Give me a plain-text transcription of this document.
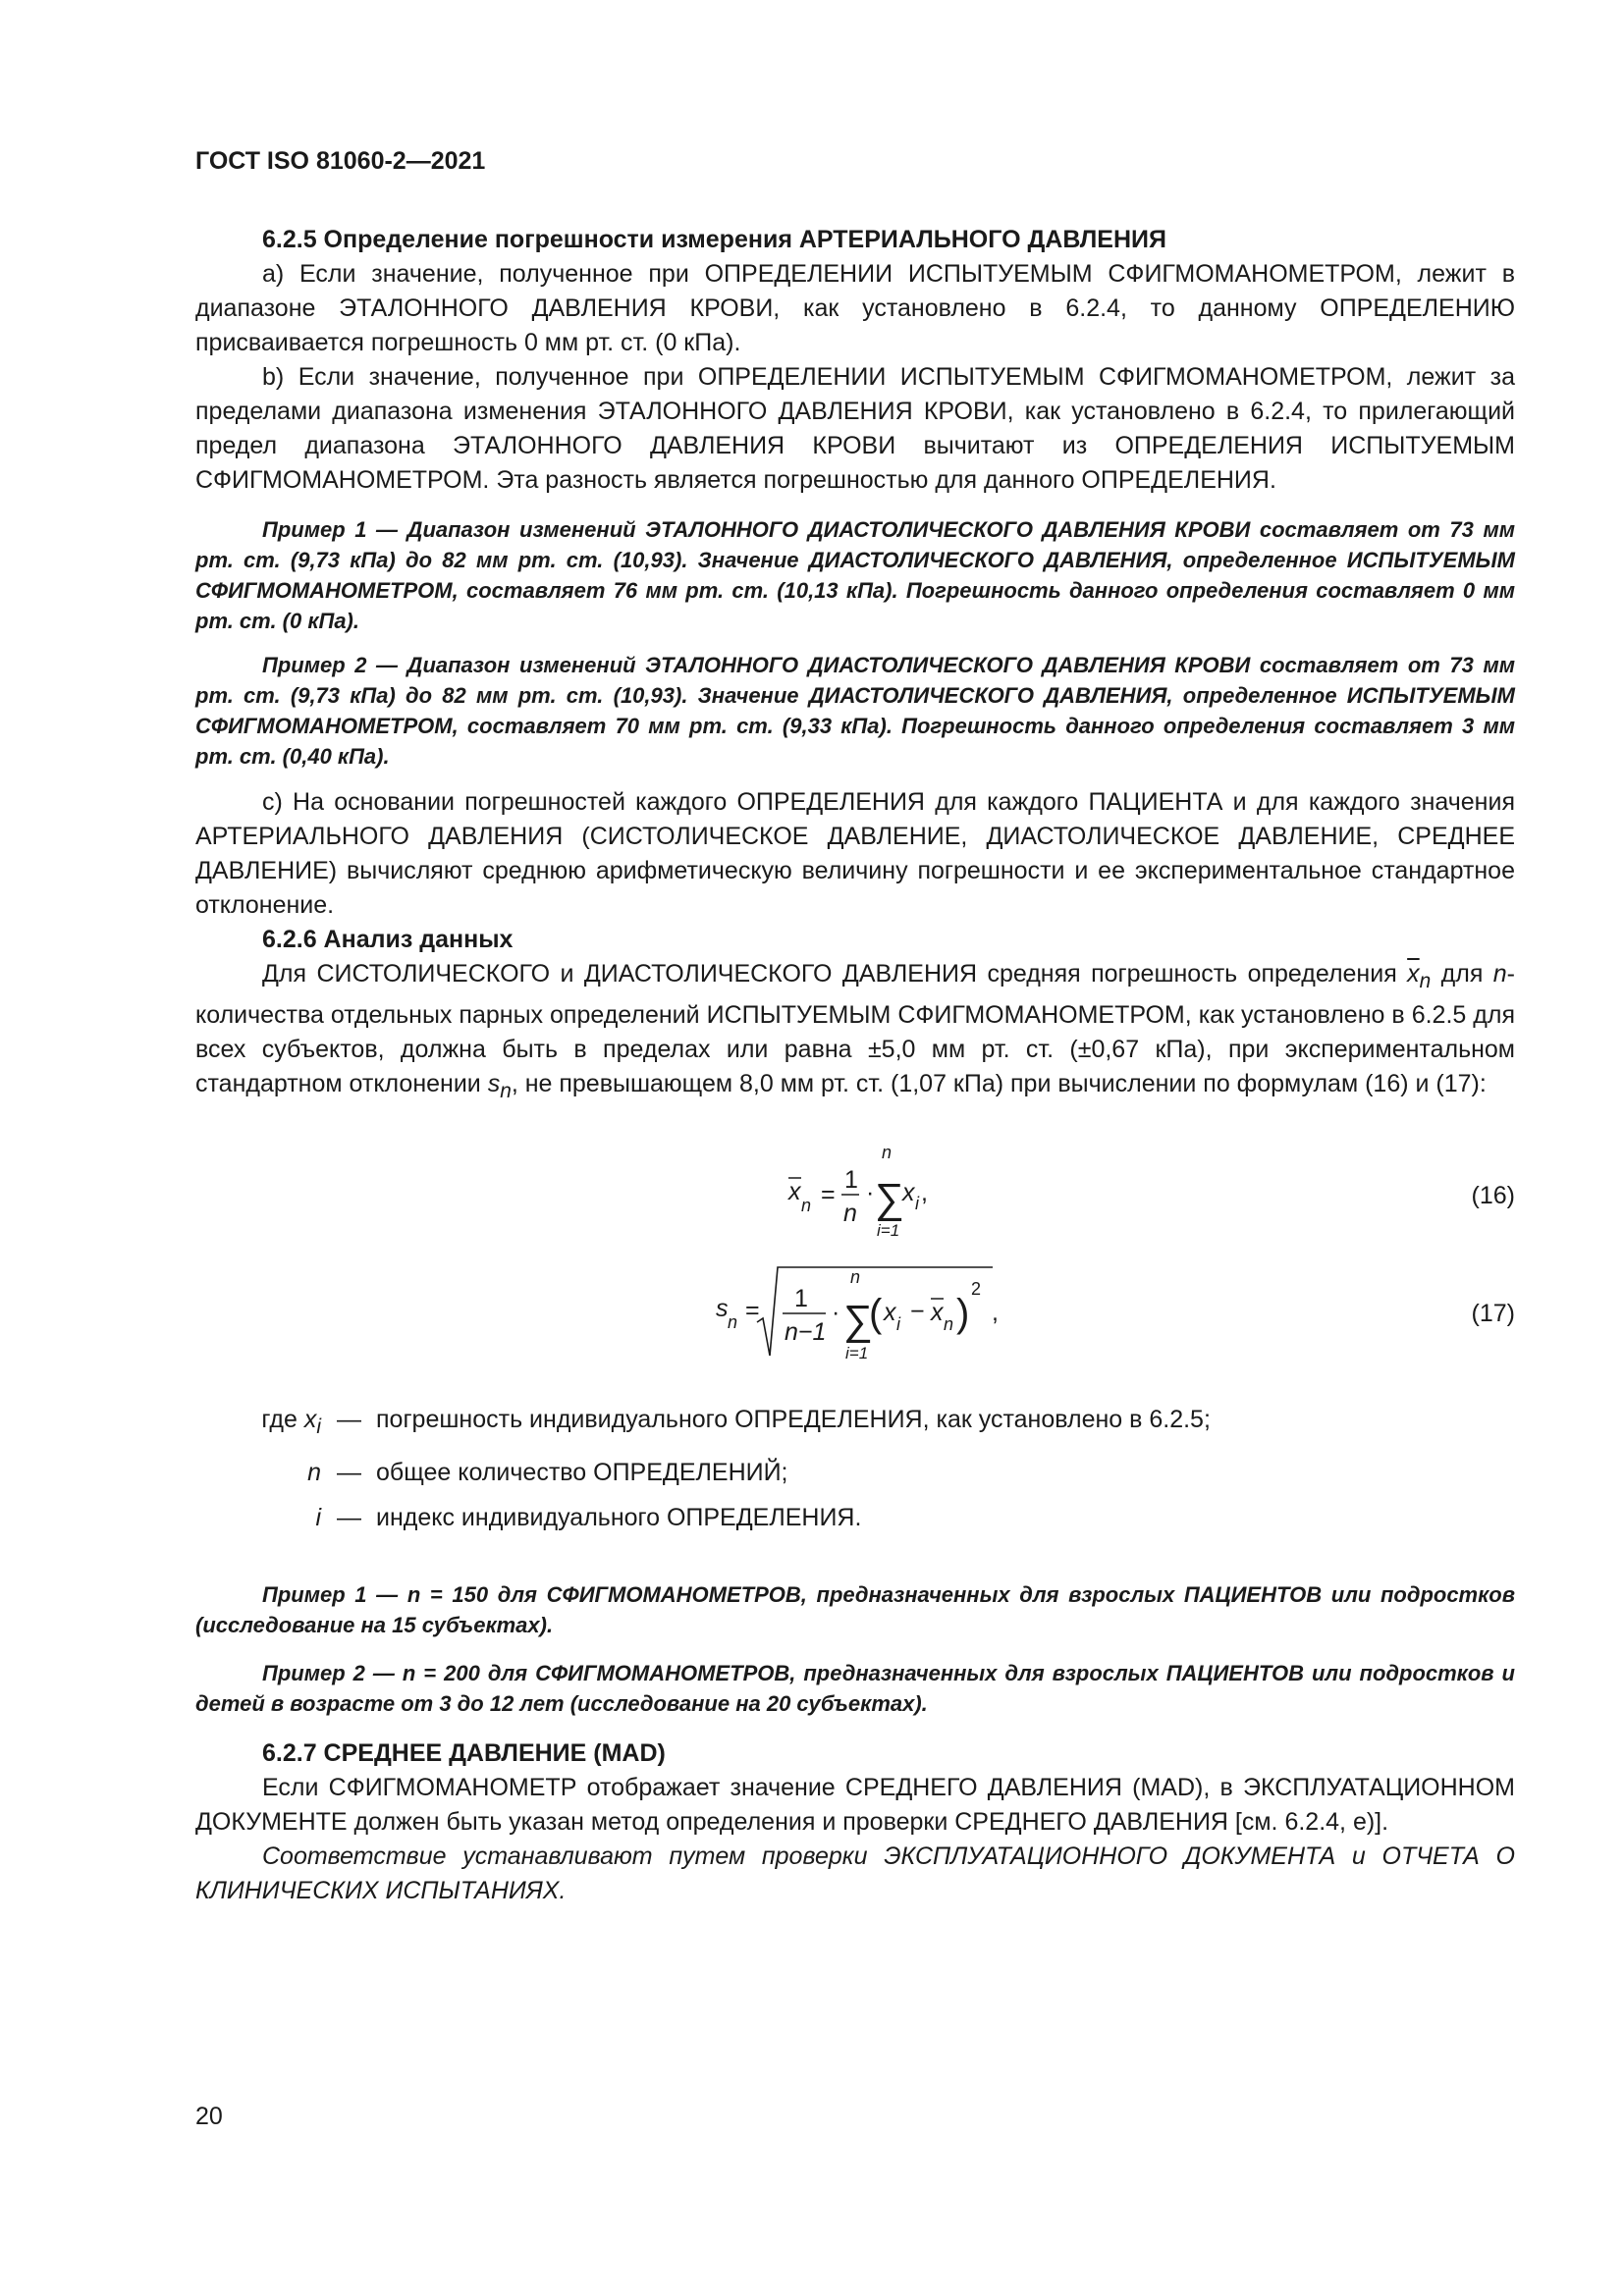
ГОСТ ISO 81060-2—2021
6.2.5 Определение погрешности измерения АРТЕРИАЛЬНОГО ДАВЛЕНИЯ

а) Если значение, полученное при ОПРЕДЕЛЕНИИ ИСПЫТУЕМЫМ СФИГМОМАНОМЕТРОМ, лежит в диапазоне ЭТАЛОННОГО ДАВЛЕНИЯ КРОВИ, как установлено в 6.2.4, то данному ОПРЕДЕЛЕНИЮ присваивается погрешность 0 мм рт. ст. (0 кПа).

b) Если значение, полученное при ОПРЕДЕЛЕНИИ ИСПЫТУЕМЫМ СФИГМОМАНОМЕТРОМ, лежит за пределами диапазона изменения ЭТАЛОННОГО ДАВЛЕНИЯ КРОВИ, как установлено в 6.2.4, то прилегающий предел диапазона ЭТАЛОННОГО ДАВЛЕНИЯ КРОВИ вычитают из ОПРЕДЕЛЕНИЯ ИСПЫТУЕМЫМ СФИГМОМАНОМЕТРОМ. Эта разность является погрешностью для данного ОПРЕДЕЛЕНИЯ.

Пример 1 — Диапазон изменений ЭТАЛОННОГО ДИАСТОЛИЧЕСКОГО ДАВЛЕНИЯ КРОВИ составляет от 73 мм рт. ст. (9,73 кПа) до 82 мм рт. ст. (10,93). Значение ДИАСТОЛИЧЕСКОГО ДАВЛЕНИЯ, определенное ИСПЫТУЕМЫМ СФИГМОМАНОМЕТРОМ, составляет 76 мм рт. ст. (10,13 кПа). Погрешность данного определения составляет 0 мм рт. ст. (0 кПа).

Пример 2 — Диапазон изменений ЭТАЛОННОГО ДИАСТОЛИЧЕСКОГО ДАВЛЕНИЯ КРОВИ составляет от 73 мм рт. ст. (9,73 кПа) до 82 мм рт. ст. (10,93). Значение ДИАСТОЛИЧЕСКОГО ДАВЛЕНИЯ, определенное ИСПЫТУЕМЫМ СФИГМОМАНОМЕТРОМ, составляет 70 мм рт. ст. (9,33 кПа). Погрешность данного определения составляет 3 мм рт. ст. (0,40 кПа).

c) На основании погрешностей каждого ОПРЕДЕЛЕНИЯ для каждого ПАЦИЕНТА и для каждого значения АРТЕРИАЛЬНОГО ДАВЛЕНИЯ (СИСТОЛИЧЕСКОЕ ДАВЛЕНИЕ, ДИАСТОЛИЧЕСКОЕ ДАВЛЕНИЕ, СРЕДНЕЕ ДАВЛЕНИЕ) вычисляют среднюю арифметическую величину погрешности и ее экспериментальное стандартное отклонение.

6.2.6 Анализ данных

Для СИСТОЛИЧЕСКОГО и ДИАСТОЛИЧЕСКОГО ДАВЛЕНИЯ средняя погрешность определения $\overline{x}_n$ для n-количества отдельных парных определений ИСПЫТУЕМЫМ СФИГМОМАНОМЕТРОМ, как установлено в 6.2.5 для всех субъектов, должна быть в пределах или равна ±5,0 мм рт. ст. (±0,67 кПа), при экспериментальном стандартном отклонении $s_n$, не превышающем 8,0 мм рт. ст. (1,07 кПа) при вычислении по формулам (16) и (17):

x n =
1
n
·
n
∑
i=1
x i ,	(16)
s n = 1
n−1
·
n
∑
i=1
( x i − x n )
2
,	(17)
где $x_i$ — погрешность индивидуального ОПРЕДЕЛЕНИЯ, как установлено в 6.2.5;
n — общее количество ОПРЕДЕЛЕНИЙ;
i — индекс индивидуального ОПРЕДЕЛЕНИЯ.

Пример 1 — n = 150 для СФИГМОМАНОМЕТРОВ, предназначенных для взрослых ПАЦИЕНТОВ или подростков (исследование на 15 субъектах).

Пример 2 — n = 200 для СФИГМОМАНОМЕТРОВ, предназначенных для взрослых ПАЦИЕНТОВ или подростков и детей в возрасте от 3 до 12 лет (исследование на 20 субъектах).

6.2.7 СРЕДНЕЕ ДАВЛЕНИЕ (MAD)

Если СФИГМОМАНОМЕТР отображает значение СРЕДНЕГО ДАВЛЕНИЯ (MAD), в ЭКСПЛУАТАЦИОННОМ ДОКУМЕНТЕ должен быть указан метод определения и проверки СРЕДНЕГО ДАВЛЕНИЯ [см. 6.2.4, е)].

Соответствие устанавливают путем проверки ЭКСПЛУАТАЦИОННОГО ДОКУМЕНТА и ОТЧЕТА О КЛИНИЧЕСКИХ ИСПЫТАНИЯХ.

20
